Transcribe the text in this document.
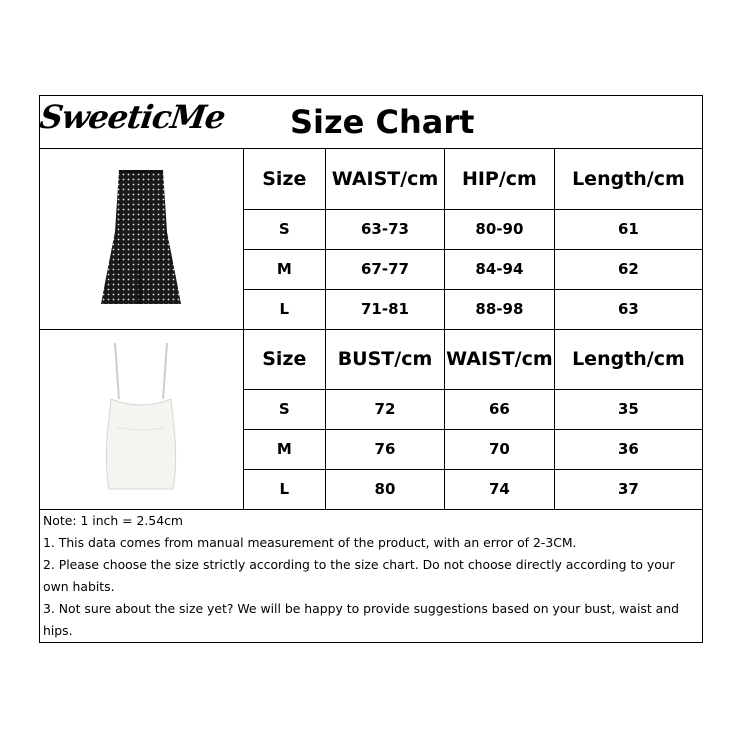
SweeticMe Size Chart
	Size	WAIST/cm	HIP/cm	Length/cm
	S	63-73	80-90	61
	M	67-77	84-94	62
	L	71-81	88-98	63
	Size	BUST/cm	WAIST/cm	Length/cm
	S	72	66	35
	M	76	70	36
	L	80	74	37
Note: 1 inch = 2.54cm
1. This data comes from manual measurement of the product, with an error of 2-3CM.
2. Please choose the size strictly according to the size chart. Do not choose directly according to your own habits.
3. Not sure about the size yet? We will be happy to provide suggestions based on your bust, waist and hips.
